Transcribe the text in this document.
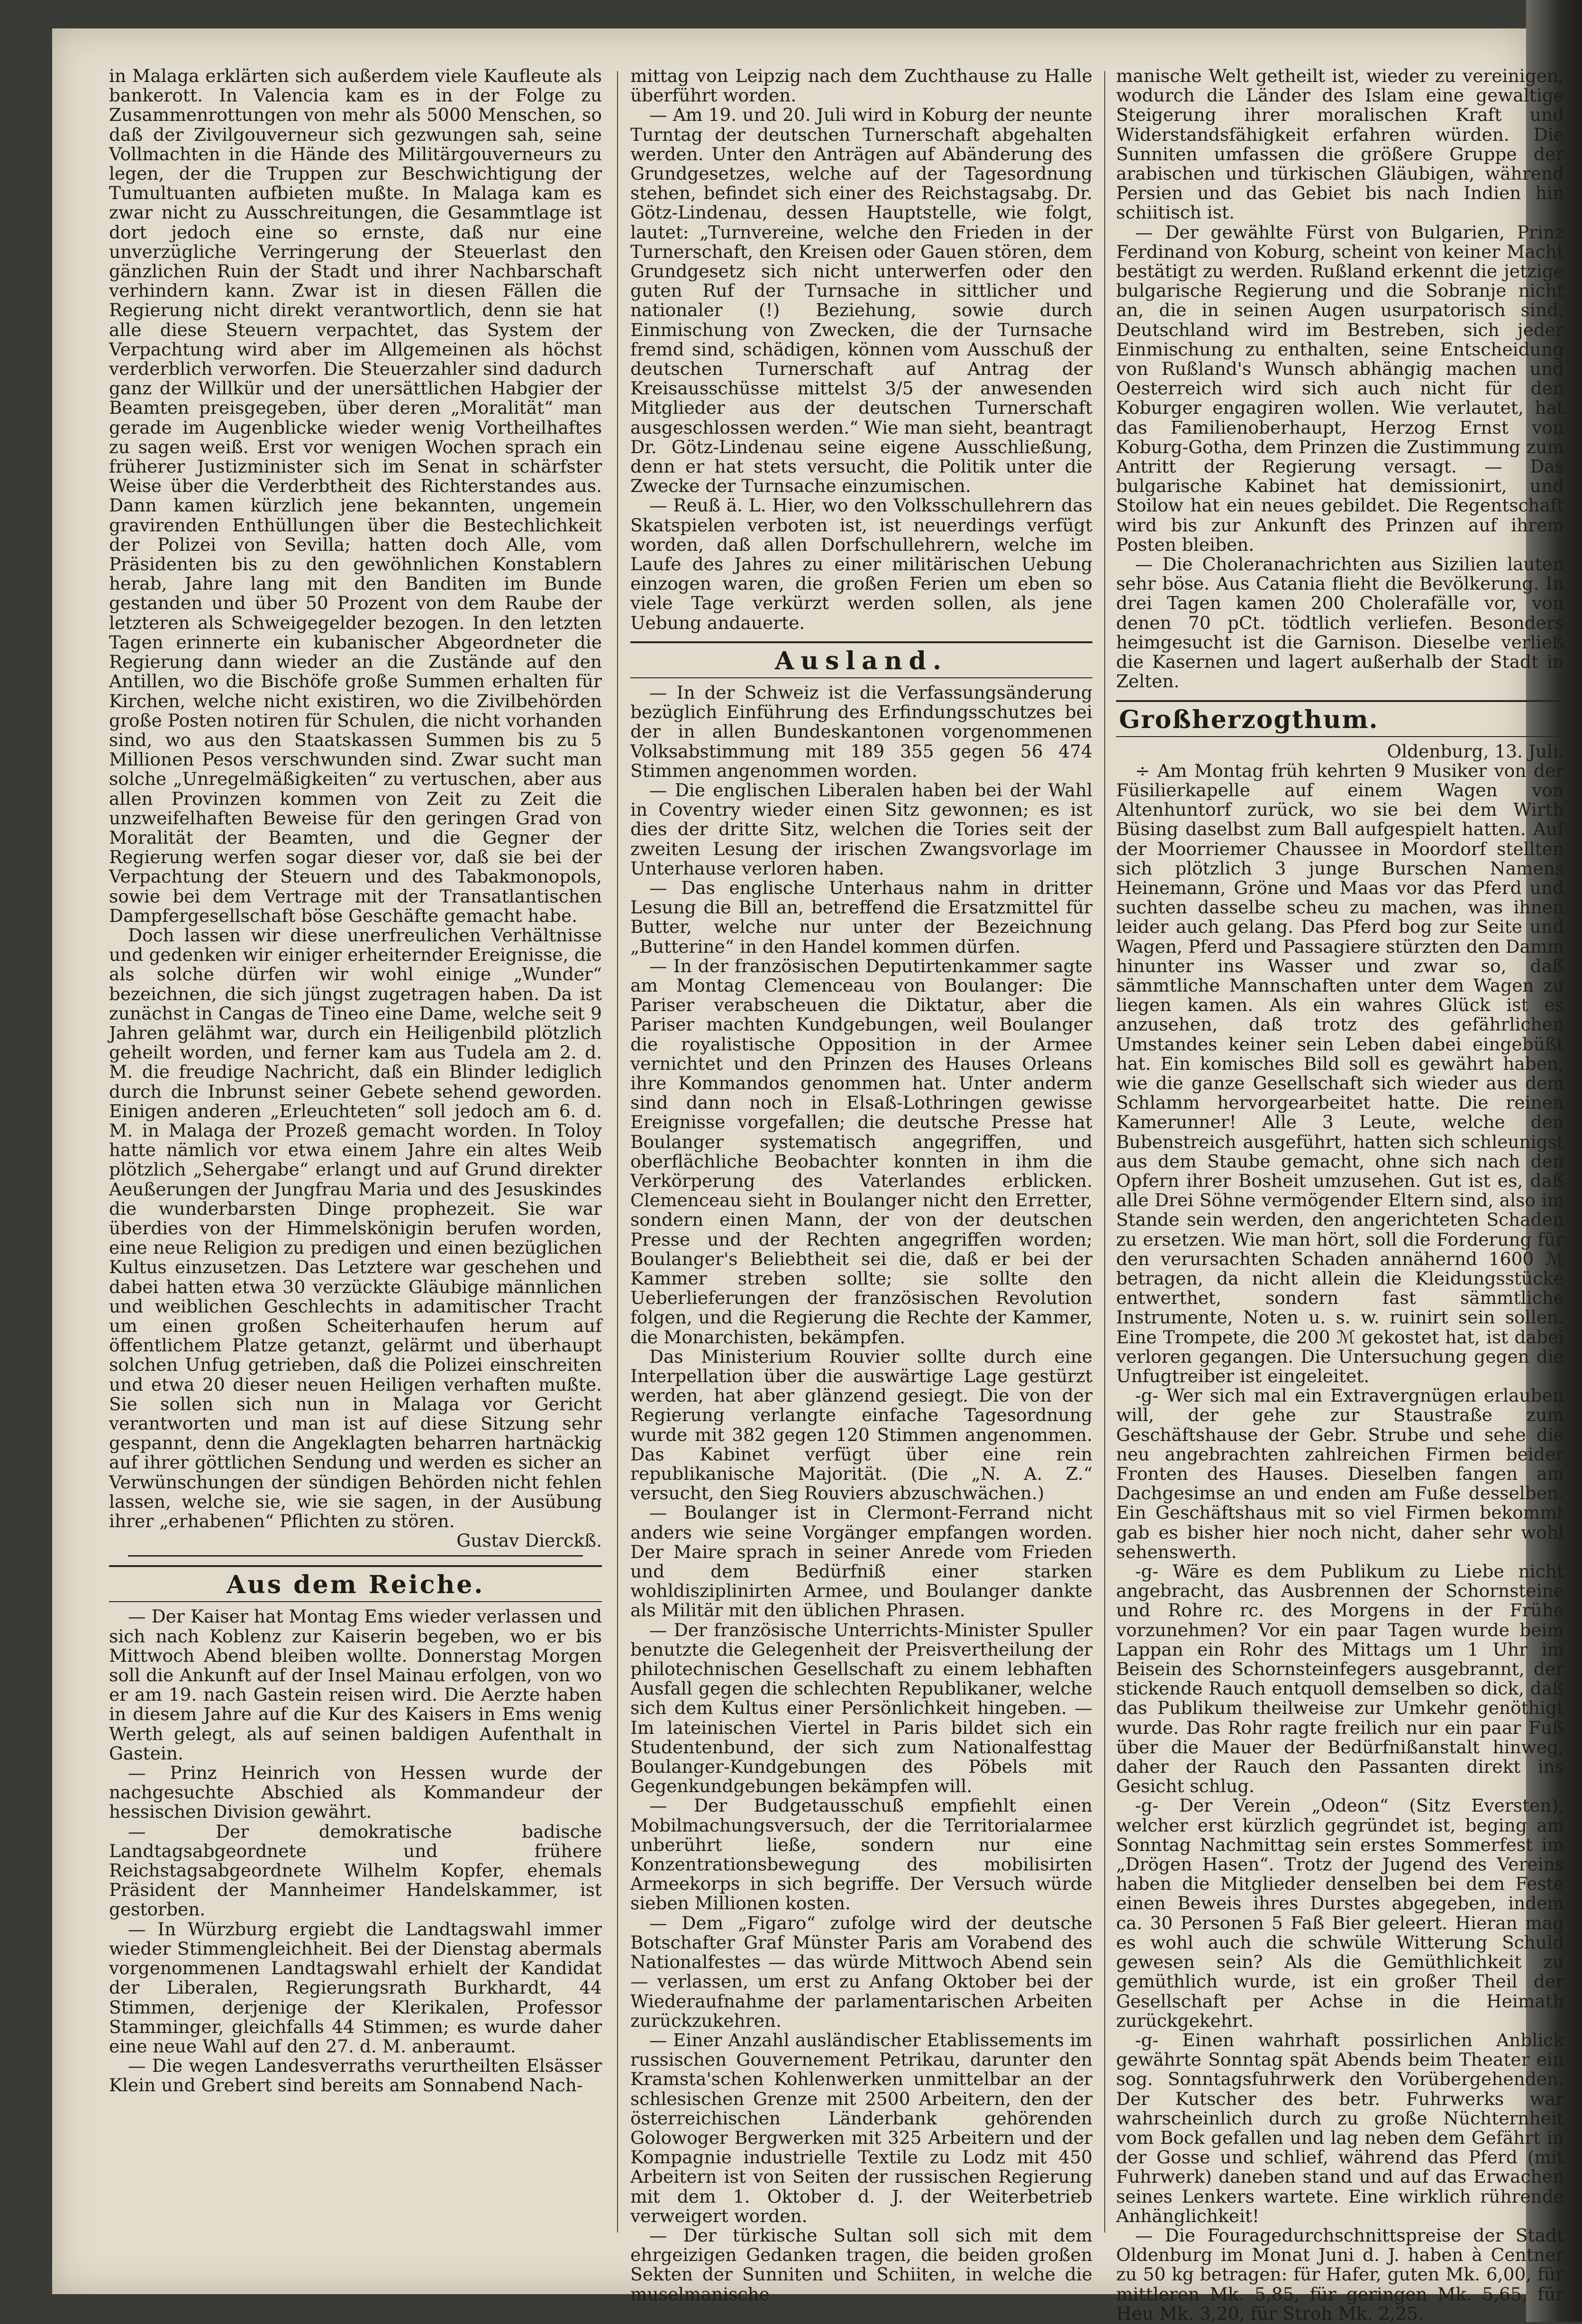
in Malaga erklärten sich außerdem viele Kaufleute als bankerott. In Valencia kam es in der Folge zu Zusammenrottungen von mehr als 5000 Menschen, so daß der Zivilgouverneur sich gezwungen sah, seine Vollmachten in die Hände des Militärgouverneurs zu legen, der die Truppen zur Beschwichtigung der Tumultuanten aufbieten mußte. In Malaga kam es zwar nicht zu Ausschreitungen, die Gesammtlage ist dort jedoch eine so ernste, daß nur eine unverzügliche Verringerung der Steuerlast den gänzlichen Ruin der Stadt und ihrer Nachbarschaft verhindern kann. Zwar ist in diesen Fällen die Regierung nicht direkt verantwortlich, denn sie hat alle diese Steuern verpachtet, das System der Verpachtung wird aber im Allgemeinen als höchst verderblich verworfen. Die Steuerzahler sind dadurch ganz der Willkür und der unersättlichen Habgier der Beamten preisgegeben, über deren „Moralität“ man gerade im Augenblicke wieder wenig Vortheilhaftes zu sagen weiß. Erst vor wenigen Wochen sprach ein früherer Justizminister sich im Senat in schärfster Weise über die Verderbtheit des Richterstandes aus. Dann kamen kürzlich jene bekannten, ungemein gravirenden Enthüllungen über die Bestechlichkeit der Polizei von Sevilla; hatten doch Alle, vom Präsidenten bis zu den gewöhnlichen Konstablern herab, Jahre lang mit den Banditen im Bunde gestanden und über 50 Prozent von dem Raube der letzteren als Schweigegelder bezogen. In den letzten Tagen erinnerte ein kubanischer Abgeordneter die Regierung dann wieder an die Zustände auf den Antillen, wo die Bischöfe große Summen erhalten für Kirchen, welche nicht existiren, wo die Zivilbehörden große Posten notiren für Schulen, die nicht vorhanden sind, wo aus den Staatskassen Summen bis zu 5 Millionen Pesos verschwunden sind. Zwar sucht man solche „Unregelmäßigkeiten“ zu vertuschen, aber aus allen Provinzen kommen von Zeit zu Zeit die unzweifelhaften Beweise für den geringen Grad von Moralität der Beamten, und die Gegner der Regierung werfen sogar dieser vor, daß sie bei der Verpachtung der Steuern und des Tabakmonopols, sowie bei dem Vertrage mit der Transatlantischen Dampfergesellschaft böse Geschäfte gemacht habe.

Doch lassen wir diese unerfreulichen Verhältnisse und gedenken wir einiger erheiternder Ereignisse, die als solche dürfen wir wohl einige „Wunder“ bezeichnen, die sich jüngst zugetragen haben. Da ist zunächst in Cangas de Tineo eine Dame, welche seit 9 Jahren gelähmt war, durch ein Heiligenbild plötzlich geheilt worden, und ferner kam aus Tudela am 2. d. M. die freudige Nachricht, daß ein Blinder lediglich durch die Inbrunst seiner Gebete sehend geworden. Einigen anderen „Erleuchteten“ soll jedoch am 6. d. M. in Malaga der Prozeß gemacht worden. In Toloy hatte nämlich vor etwa einem Jahre ein altes Weib plötzlich „Sehergabe“ erlangt und auf Grund direkter Aeußerungen der Jungfrau Maria und des Jesuskindes die wunderbarsten Dinge prophezeit. Sie war überdies von der Himmelskönigin berufen worden, eine neue Religion zu predigen und einen bezüglichen Kultus einzusetzen. Das Letztere war geschehen und dabei hatten etwa 30 verzückte Gläubige männlichen und weiblichen Geschlechts in adamitischer Tracht um einen großen Scheiterhaufen herum auf öffentlichem Platze getanzt, gelärmt und überhaupt solchen Unfug getrieben, daß die Polizei einschreiten und etwa 20 dieser neuen Heiligen verhaften mußte. Sie sollen sich nun in Malaga vor Gericht verantworten und man ist auf diese Sitzung sehr gespannt, denn die Angeklagten beharren hartnäckig auf ihrer göttlichen Sendung und werden es sicher an Verwünschungen der sündigen Behörden nicht fehlen lassen, welche sie, wie sie sagen, in der Ausübung ihrer „erhabenen“ Pflichten zu stören.

Gustav Dierckß.
Aus dem Reiche.

— Der Kaiser hat Montag Ems wieder verlassen und sich nach Koblenz zur Kaiserin begeben, wo er bis Mittwoch Abend bleiben wollte. Donnerstag Morgen soll die Ankunft auf der Insel Mainau erfolgen, von wo er am 19. nach Gastein reisen wird. Die Aerzte haben in diesem Jahre auf die Kur des Kaisers in Ems wenig Werth gelegt, als auf seinen baldigen Aufenthalt in Gastein.

— Prinz Heinrich von Hessen wurde der nachgesuchte Abschied als Kommandeur der hessischen Division gewährt.

— Der demokratische badische Landtagsabgeordnete und frühere Reichstagsabgeordnete Wilhelm Kopfer, ehemals Präsident der Mannheimer Handelskammer, ist gestorben.

— In Würzburg ergiebt die Landtagswahl immer wieder Stimmengleichheit. Bei der Dienstag abermals vorgenommenen Landtagswahl erhielt der Kandidat der Liberalen, Regierungsrath Burkhardt, 44 Stimmen, derjenige der Klerikalen, Professor Stamminger, gleichfalls 44 Stimmen; es wurde daher eine neue Wahl auf den 27. d. M. anberaumt.

— Die wegen Landesverraths verurtheilten Elsässer Klein und Grebert sind bereits am Sonnabend Nach-

mittag von Leipzig nach dem Zuchthause zu Halle überführt worden.

— Am 19. und 20. Juli wird in Koburg der neunte Turntag der deutschen Turnerschaft abgehalten werden. Unter den Anträgen auf Abänderung des Grundgesetzes, welche auf der Tagesordnung stehen, befindet sich einer des Reichstagsabg. Dr. Götz-Lindenau, dessen Hauptstelle, wie folgt, lautet: „Turnvereine, welche den Frieden in der Turnerschaft, den Kreisen oder Gauen stören, dem Grundgesetz sich nicht unterwerfen oder den guten Ruf der Turnsache in sittlicher und nationaler (!) Beziehung, sowie durch Einmischung von Zwecken, die der Turnsache fremd sind, schädigen, können vom Ausschuß der deutschen Turnerschaft auf Antrag der Kreisausschüsse mittelst 3/5 der anwesenden Mitglieder aus der deutschen Turnerschaft ausgeschlossen werden.“ Wie man sieht, beantragt Dr. Götz-Lindenau seine eigene Ausschließung, denn er hat stets versucht, die Politik unter die Zwecke der Turnsache einzumischen.

— Reuß ä. L. Hier, wo den Volksschullehrern das Skatspielen verboten ist, ist neuerdings verfügt worden, daß allen Dorfschullehrern, welche im Laufe des Jahres zu einer militärischen Uebung einzogen waren, die großen Ferien um eben so viele Tage verkürzt werden sollen, als jene Uebung andauerte.

Ausland.

— In der Schweiz ist die Verfassungsänderung bezüglich Einführung des Erfindungsschutzes bei der in allen Bundeskantonen vorgenommenen Volksabstimmung mit 189 355 gegen 56 474 Stimmen angenommen worden.

— Die englischen Liberalen haben bei der Wahl in Coventry wieder einen Sitz gewonnen; es ist dies der dritte Sitz, welchen die Tories seit der zweiten Lesung der irischen Zwangsvorlage im Unterhause verloren haben.

— Das englische Unterhaus nahm in dritter Lesung die Bill an, betreffend die Ersatzmittel für Butter, welche nur unter der Bezeichnung „Butterine“ in den Handel kommen dürfen.

— In der französischen Deputirtenkammer sagte am Montag Clemenceau von Boulanger: Die Pariser verabscheuen die Diktatur, aber die Pariser machten Kundgebungen, weil Boulanger die royalistische Opposition in der Armee vernichtet und den Prinzen des Hauses Orleans ihre Kommandos genommen hat. Unter anderm sind dann noch in Elsaß-Lothringen gewisse Ereignisse vorgefallen; die deutsche Presse hat Boulanger systematisch angegriffen, und oberflächliche Beobachter konnten in ihm die Verkörperung des Vaterlandes erblicken. Clemenceau sieht in Boulanger nicht den Erretter, sondern einen Mann, der von der deutschen Presse und der Rechten angegriffen worden; Boulanger's Beliebtheit sei die, daß er bei der Kammer streben sollte; sie sollte den Ueberlieferungen der französischen Revolution folgen, und die Regierung die Rechte der Kammer, die Monarchisten, bekämpfen.

Das Ministerium Rouvier sollte durch eine Interpellation über die auswärtige Lage gestürzt werden, hat aber glänzend gesiegt. Die von der Regierung verlangte einfache Tagesordnung wurde mit 382 gegen 120 Stimmen angenommen. Das Kabinet verfügt über eine rein republikanische Majorität. (Die „N. A. Z.“ versucht, den Sieg Rouviers abzuschwächen.)

— Boulanger ist in Clermont-Ferrand nicht anders wie seine Vorgänger empfangen worden. Der Maire sprach in seiner Anrede vom Frieden und dem Bedürfniß einer starken wohldisziplinirten Armee, und Boulanger dankte als Militär mit den üblichen Phrasen.

— Der französische Unterrichts-Minister Spuller benutzte die Gelegenheit der Preisvertheilung der philotechnischen Gesellschaft zu einem lebhaften Ausfall gegen die schlechten Republikaner, welche sich dem Kultus einer Persönlichkeit hingeben. — Im lateinischen Viertel in Paris bildet sich ein Studentenbund, der sich zum Nationalfesttag Boulanger-Kundgebungen des Pöbels mit Gegenkundgebungen bekämpfen will.

— Der Budgetausschuß empfiehlt einen Mobilmachungsversuch, der die Territorialarmee unberührt ließe, sondern nur eine Konzentrationsbewegung des mobilisirten Armeekorps in sich begriffe. Der Versuch würde sieben Millionen kosten.

— Dem „Figaro“ zufolge wird der deutsche Botschafter Graf Münster Paris am Vorabend des Nationalfestes — das würde Mittwoch Abend sein — verlassen, um erst zu Anfang Oktober bei der Wiederaufnahme der parlamentarischen Arbeiten zurückzukehren.

— Einer Anzahl ausländischer Etablissements im russischen Gouvernement Petrikau, darunter den Kramsta'schen Kohlenwerken unmittelbar an der schlesischen Grenze mit 2500 Arbeitern, den der österreichischen Länderbank gehörenden Golowoger Bergwerken mit 325 Arbeitern und der Kompagnie industrielle Textile zu Lodz mit 450 Arbeitern ist von Seiten der russischen Regierung mit dem 1. Oktober d. J. der Weiterbetrieb verweigert worden.

— Der türkische Sultan soll sich mit dem ehrgeizigen Gedanken tragen, die beiden großen Sekten der Sunniten und Schiiten, in welche die muselmanische

manische Welt getheilt ist, wieder zu vereinigen, wodurch die Länder des Islam eine gewaltige Steigerung ihrer moralischen Kraft und Widerstandsfähigkeit erfahren würden. Die Sunniten umfassen die größere Gruppe der arabischen und türkischen Gläubigen, während Persien und das Gebiet bis nach Indien hin schiitisch ist.

— Der gewählte Fürst von Bulgarien, Prinz Ferdinand von Koburg, scheint von keiner Macht bestätigt zu werden. Rußland erkennt die jetzige bulgarische Regierung und die Sobranje nicht an, die in seinen Augen usurpatorisch sind. Deutschland wird im Bestreben, sich jeder Einmischung zu enthalten, seine Entscheidung von Rußland's Wunsch abhängig machen und Oesterreich wird sich auch nicht für den Koburger engagiren wollen. Wie verlautet, hat das Familienoberhaupt, Herzog Ernst von Koburg-Gotha, dem Prinzen die Zustimmung zum Antritt der Regierung versagt. — Das bulgarische Kabinet hat demissionirt, und Stoilow hat ein neues gebildet. Die Regentschaft wird bis zur Ankunft des Prinzen auf ihrem Posten bleiben.

— Die Choleranachrichten aus Sizilien lauten sehr böse. Aus Catania flieht die Bevölkerung. In drei Tagen kamen 200 Cholerafälle vor, von denen 70 pCt. tödtlich verliefen. Besonders heimgesucht ist die Garnison. Dieselbe verließ die Kasernen und lagert außerhalb der Stadt in Zelten.

Großherzogthum.
Oldenburg, 13. Juli.

÷ Am Montag früh kehrten 9 Musiker von der Füsilierkapelle auf einem Wagen von Altenhuntorf zurück, wo sie bei dem Wirth Büsing daselbst zum Ball aufgespielt hatten. Auf der Moorriemer Chaussee in Moordorf stellten sich plötzlich 3 junge Burschen Namens Heinemann, Gröne und Maas vor das Pferd und suchten dasselbe scheu zu machen, was ihnen leider auch gelang. Das Pferd bog zur Seite und Wagen, Pferd und Passagiere stürzten den Damm hinunter ins Wasser und zwar so, daß sämmtliche Mannschaften unter dem Wagen zu liegen kamen. Als ein wahres Glück ist es anzusehen, daß trotz des gefährlichen Umstandes keiner sein Leben dabei eingebüßt hat. Ein komisches Bild soll es gewährt haben, wie die ganze Gesellschaft sich wieder aus dem Schlamm hervorgearbeitet hatte. Die reinen Kamerunner! Alle 3 Leute, welche den Bubenstreich ausgeführt, hatten sich schleunigst aus dem Staube gemacht, ohne sich nach den Opfern ihrer Bosheit umzusehen. Gut ist es, daß alle Drei Söhne vermögender Eltern sind, also im Stande sein werden, den angerichteten Schaden zu ersetzen. Wie man hört, soll die Forderung für den verursachten Schaden annähernd 1600 ℳ betragen, da nicht allein die Kleidungsstücke entwerthet, sondern fast sämmtliche Instrumente, Noten u. s. w. ruinirt sein sollen. Eine Trompete, die 200 ℳ gekostet hat, ist dabei verloren gegangen. Die Untersuchung gegen die Unfugtreiber ist eingeleitet.

-g- Wer sich mal ein Extravergnügen erlauben will, der gehe zur Staustraße zum Geschäftshause der Gebr. Strube und sehe die neu angebrachten zahlreichen Firmen beider Fronten des Hauses. Dieselben fangen am Dachgesimse an und enden am Fuße desselben. Ein Geschäftshaus mit so viel Firmen bekommt gab es bisher hier noch nicht, daher sehr wohl sehenswerth.

-g- Wäre es dem Publikum zu Liebe nicht angebracht, das Ausbrennen der Schornsteine und Rohre rc. des Morgens in der Frühe vorzunehmen? Vor ein paar Tagen wurde beim Lappan ein Rohr des Mittags um 1 Uhr im Beisein des Schornsteinfegers ausgebrannt, der stickende Rauch entquoll demselben so dick, daß das Publikum theilweise zur Umkehr genöthigt wurde. Das Rohr ragte freilich nur ein paar Fuß über die Mauer der Bedürfnißanstalt hinweg, daher der Rauch den Passanten direkt ins Gesicht schlug.

-g- Der Verein „Odeon“ (Sitz Eversten), welcher erst kürzlich gegründet ist, beging am Sonntag Nachmittag sein erstes Sommerfest im „Drögen Hasen“. Trotz der Jugend des Vereins haben die Mitglieder denselben bei dem Feste einen Beweis ihres Durstes abgegeben, indem ca. 30 Personen 5 Faß Bier geleert. Hieran mag es wohl auch die schwüle Witterung Schuld gewesen sein? Als die Gemüthlichkeit zu gemüthlich wurde, ist ein großer Theil der Gesellschaft per Achse in die Heimath zurückgekehrt.

-g- Einen wahrhaft possirlichen Anblick gewährte Sonntag spät Abends beim Theater ein sog. Sonntagsfuhrwerk den Vorübergehenden. Der Kutscher des betr. Fuhrwerks war wahrscheinlich durch zu große Nüchternheit vom Bock gefallen und lag neben dem Gefährt in der Gosse und schlief, während das Pferd (mit Fuhrwerk) daneben stand und auf das Erwachen seines Lenkers wartete. Eine wirklich rührende Anhänglichkeit!

— Die Fouragedurchschnittspreise der Stadt Oldenburg im Monat Juni d. J. haben à Centner zu 50 kg betragen: für Hafer, guten Mk. 6,00, für mittleren Mk. 5,85, für geringen Mk. 5,65, für Heu Mk. 3,20, für Stroh Mk. 2,25.
